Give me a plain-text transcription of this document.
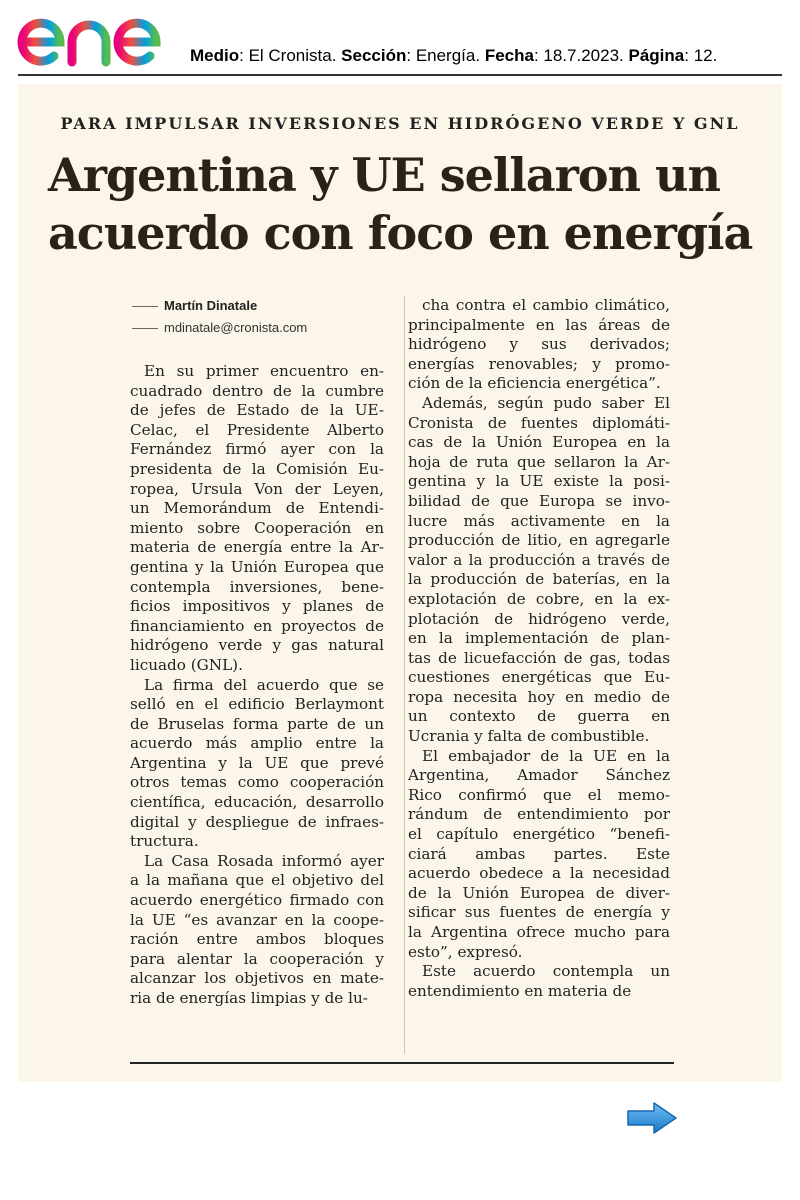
Medio: El Cronista. Sección: Energía. Fecha: 18.7.2023. Página: 12.
PARA IMPULSAR INVERSIONES EN HIDRÓGENO VERDE Y GNL
Argentina y UE sellaron un
acuerdo con foco en energía
Martín Dinatale
mdinatale@cronista.com

En su primer encuentro en-
cuadrado dentro de la cumbre
de jefes de Estado de la UE-
Celac, el Presidente Alberto
Fernández firmó ayer con la
presidenta de la Comisión Eu-
ropea, Ursula Von der Leyen,
un Memorándum de Entendi-
miento sobre Cooperación en
materia de energía entre la Ar-
gentina y la Unión Europea que
contempla inversiones, bene-
ficios impositivos y planes de
financiamiento en proyectos de
hidrógeno verde y gas natural
licuado (GNL).

La firma del acuerdo que se
selló en el edificio Berlaymont
de Bruselas forma parte de un
acuerdo más amplio entre la
Argentina y la UE que prevé
otros temas como cooperación
científica, educación, desarrollo
digital y despliegue de infraes-
tructura.

La Casa Rosada informó ayer
a la mañana que el objetivo del
acuerdo energético firmado con
la UE “es avanzar en la coope-
ración entre ambos bloques
para alentar la cooperación y
alcanzar los objetivos en mate-
ria de energías limpias y de lu-

cha contra el cambio climático,
principalmente en las áreas de
hidrógeno y sus derivados;
energías renovables; y promo-
ción de la eficiencia energética”.

Además, según pudo saber El
Cronista de fuentes diplomáti-
cas de la Unión Europea en la
hoja de ruta que sellaron la Ar-
gentina y la UE existe la posi-
bilidad de que Europa se invo-
lucre más activamente en la
producción de litio, en agregarle
valor a la producción a través de
la producción de baterías, en la
explotación de cobre, en la ex-
plotación de hidrógeno verde,
en la implementación de plan-
tas de licuefacción de gas, todas
cuestiones energéticas que Eu-
ropa necesita hoy en medio de
un contexto de guerra en
Ucrania y falta de combustible.

El embajador de la UE en la
Argentina, Amador Sánchez
Rico confirmó que el memo-
rándum de entendimiento por
el capítulo energético “benefi-
ciará ambas partes. Este
acuerdo obedece a la necesidad
de la Unión Europea de diver-
sificar sus fuentes de energía y
la Argentina ofrece mucho para
esto”, expresó.

Este acuerdo contempla un
entendimiento en materia de
